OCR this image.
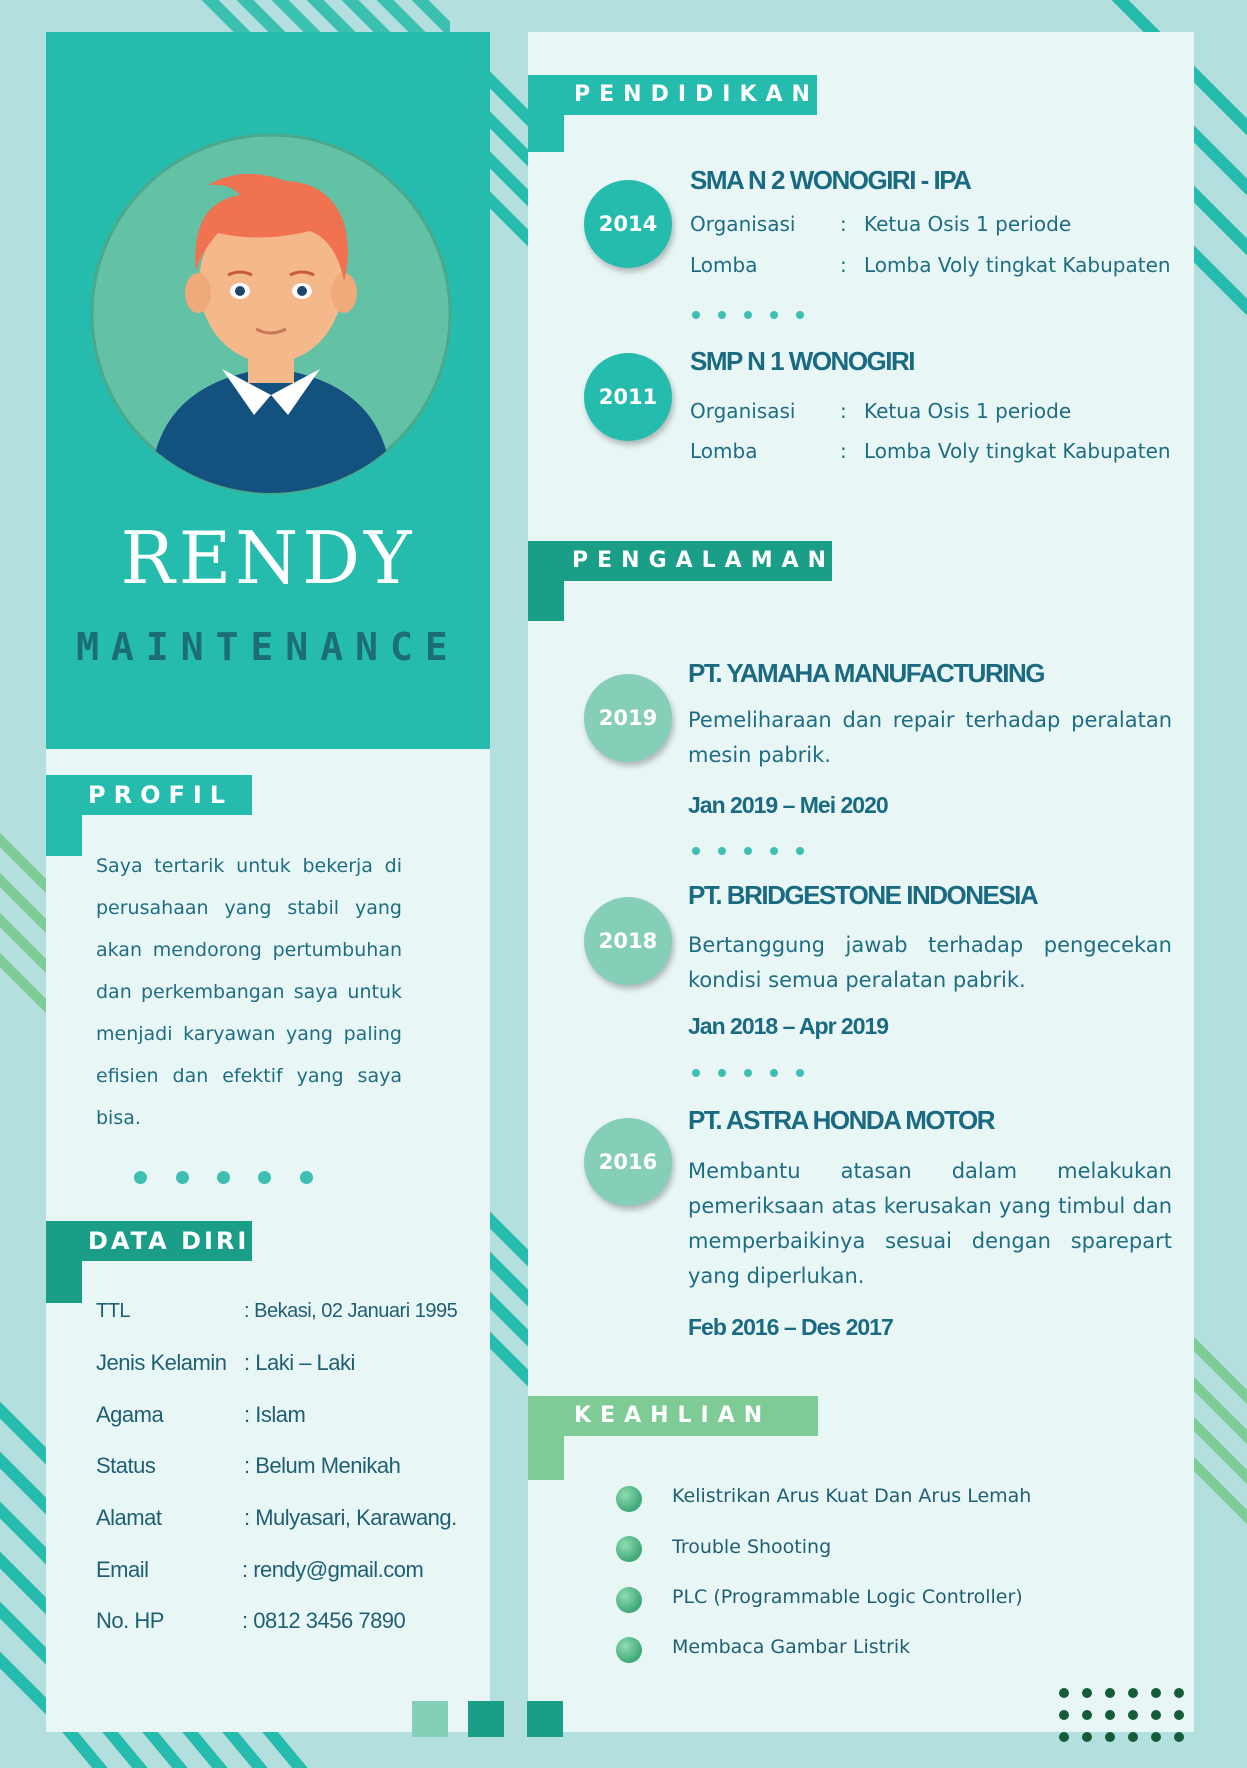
RENDY
MAINTENANCE
PROFIL
Saya tertarik untuk bekerja di perusahaan yang stabil yang akan mendorong pertumbuhan dan perkembangan saya untuk menjadi karyawan yang paling efisien dan efektif yang saya bisa.
DATA DIRI
TTL	: Bekasi, 02 Januari 1995
Jenis Kelamin : Laki – Laki
Agama	: Islam
Status	: Belum Menikah
Alamat	: Mulyasari, Karawang.
Email	: rendy@gmail.com
No. HP	: 0812 3456 7890
PENDIDIKAN
2014
SMA N 2 WONOGIRI - IPA
Organisasi : Ketua Osis 1 periode
Lomba	: Lomba Voly tingkat Kabupaten
2011
SMP N 1 WONOGIRI
Organisasi : Ketua Osis 1 periode
Lomba	: Lomba Voly tingkat Kabupaten
PENGALAMAN
2019
PT. YAMAHA MANUFACTURING
Pemeliharaan dan repair terhadap peralatan mesin pabrik.
Jan 2019 – Mei 2020
2018
PT. BRIDGESTONE INDONESIA
Bertanggung jawab terhadap pengecekan kondisi semua peralatan pabrik.
Jan 2018 – Apr 2019
2016
PT. ASTRA HONDA MOTOR
Membantu atasan dalam melakukan pemeriksaan atas kerusakan yang timbul dan memperbaikinya sesuai dengan sparepart yang diperlukan.
Feb 2016 – Des 2017
KEAHLIAN
Kelistrikan Arus Kuat Dan Arus Lemah
Trouble Shooting
PLC (Programmable Logic Controller)
Membaca Gambar Listrik
